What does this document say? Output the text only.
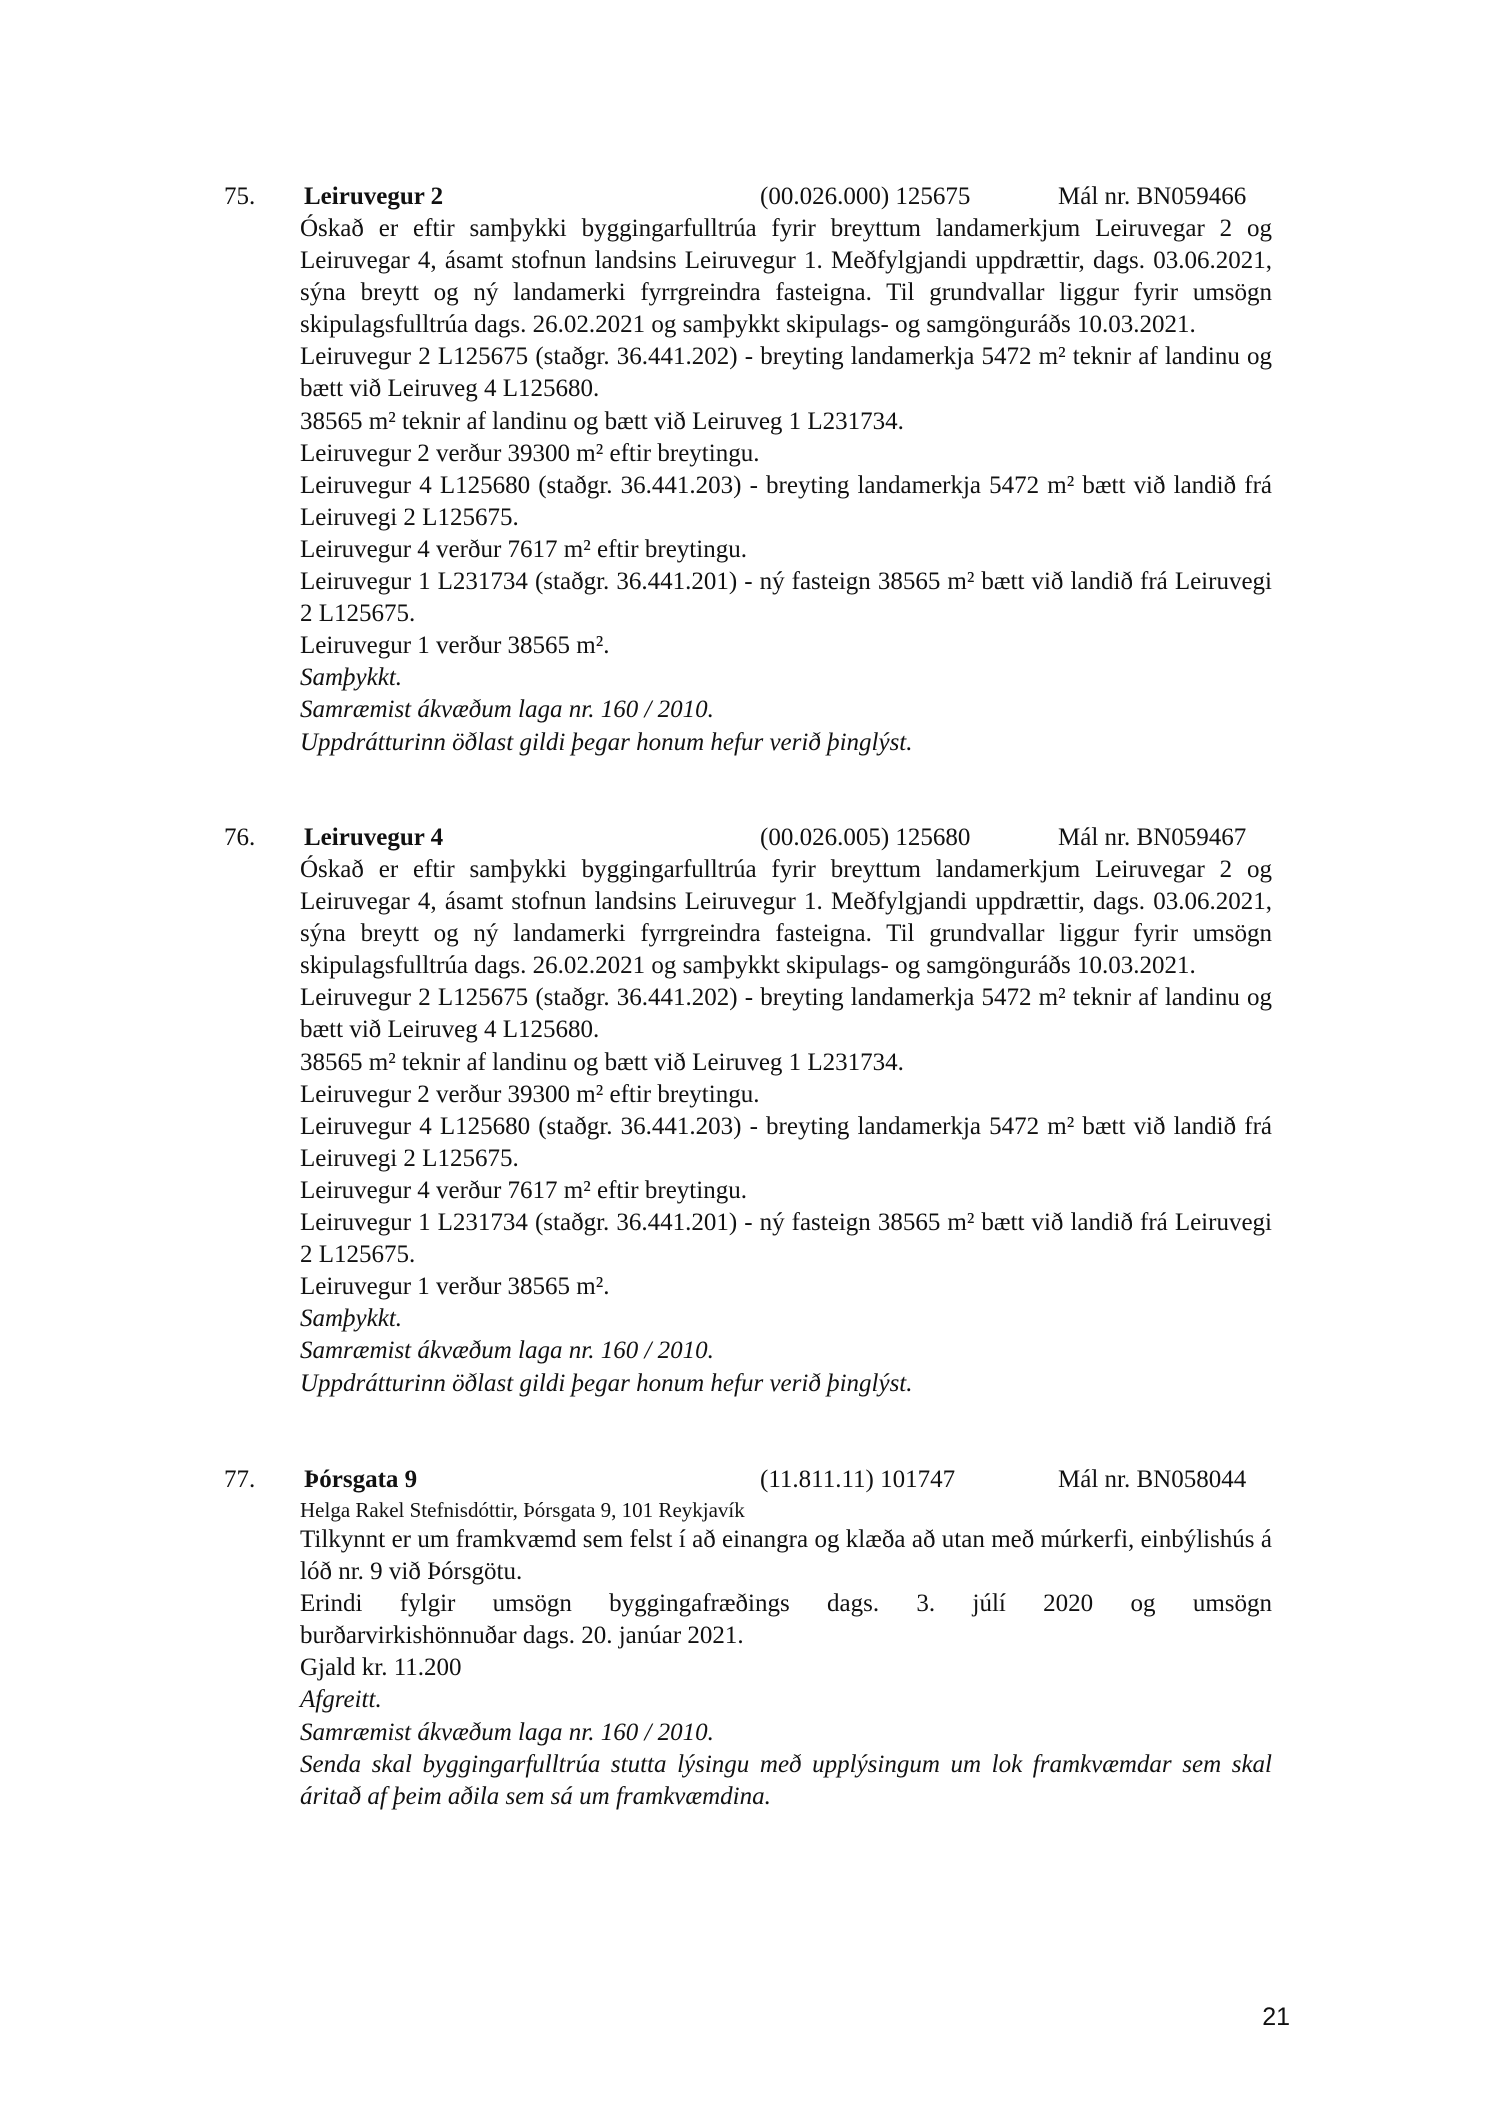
75. Leiruvegur 2	(00.026.000) 125675	Mál nr. BN059466

Óskað er eftir samþykki byggingarfulltrúa fyrir breyttum landamerkjum Leiruvegar 2 og Leiruvegar 4, ásamt stofnun landsins Leiruvegur 1. Meðfylgjandi uppdrættir, dags. 03.06.2021, sýna breytt og ný landamerki fyrrgreindra fasteigna. Til grundvallar liggur fyrir umsögn skipulagsfulltrúa dags. 26.02.2021 og samþykkt skipulags- og samgönguráðs 10.03.2021.

Leiruvegur 2 L125675 (staðgr. 36.441.202) - breyting landamerkja 5472 m² teknir af landinu og bætt við Leiruveg 4 L125680.

38565 m² teknir af landinu og bætt við Leiruveg 1 L231734.

Leiruvegur 2 verður 39300 m² eftir breytingu.

Leiruvegur 4 L125680 (staðgr. 36.441.203) - breyting landamerkja 5472 m² bætt við landið frá Leiruvegi 2 L125675.

Leiruvegur 4 verður 7617 m² eftir breytingu.

Leiruvegur 1 L231734 (staðgr. 36.441.201) - ný fasteign 38565 m² bætt við landið frá Leiruvegi 2 L125675.

Leiruvegur 1 verður 38565 m².

Samþykkt.

Samræmist ákvæðum laga nr. 160 / 2010.

Uppdrátturinn öðlast gildi þegar honum hefur verið þinglýst.

76. Leiruvegur 4	(00.026.005) 125680	Mál nr. BN059467

Óskað er eftir samþykki byggingarfulltrúa fyrir breyttum landamerkjum Leiruvegar 2 og Leiruvegar 4, ásamt stofnun landsins Leiruvegur 1. Meðfylgjandi uppdrættir, dags. 03.06.2021, sýna breytt og ný landamerki fyrrgreindra fasteigna. Til grundvallar liggur fyrir umsögn skipulagsfulltrúa dags. 26.02.2021 og samþykkt skipulags- og samgönguráðs 10.03.2021.

Leiruvegur 2 L125675 (staðgr. 36.441.202) - breyting landamerkja 5472 m² teknir af landinu og bætt við Leiruveg 4 L125680.

38565 m² teknir af landinu og bætt við Leiruveg 1 L231734.

Leiruvegur 2 verður 39300 m² eftir breytingu.

Leiruvegur 4 L125680 (staðgr. 36.441.203) - breyting landamerkja 5472 m² bætt við landið frá Leiruvegi 2 L125675.

Leiruvegur 4 verður 7617 m² eftir breytingu.

Leiruvegur 1 L231734 (staðgr. 36.441.201) - ný fasteign 38565 m² bætt við landið frá Leiruvegi 2 L125675.

Leiruvegur 1 verður 38565 m².

Samþykkt.

Samræmist ákvæðum laga nr. 160 / 2010.

Uppdrátturinn öðlast gildi þegar honum hefur verið þinglýst.

77. Þórsgata 9	(11.811.11) 101747	Mál nr. BN058044

Helga Rakel Stefnisdóttir, Þórsgata 9, 101 Reykjavík

Tilkynnt er um framkvæmd sem felst í að einangra og klæða að utan með múrkerfi, einbýlishús á lóð nr. 9 við Þórsgötu.

Erindi fylgir umsögn byggingafræðings dags. 3. júlí 2020 og umsögn

burðarvirkishönnuðar dags. 20. janúar 2021.

Gjald kr. 11.200

Afgreitt.

Samræmist ákvæðum laga nr. 160 / 2010.

Senda skal byggingarfulltrúa stutta lýsingu með upplýsingum um lok framkvæmdar sem skal áritað af þeim aðila sem sá um framkvæmdina.

21
